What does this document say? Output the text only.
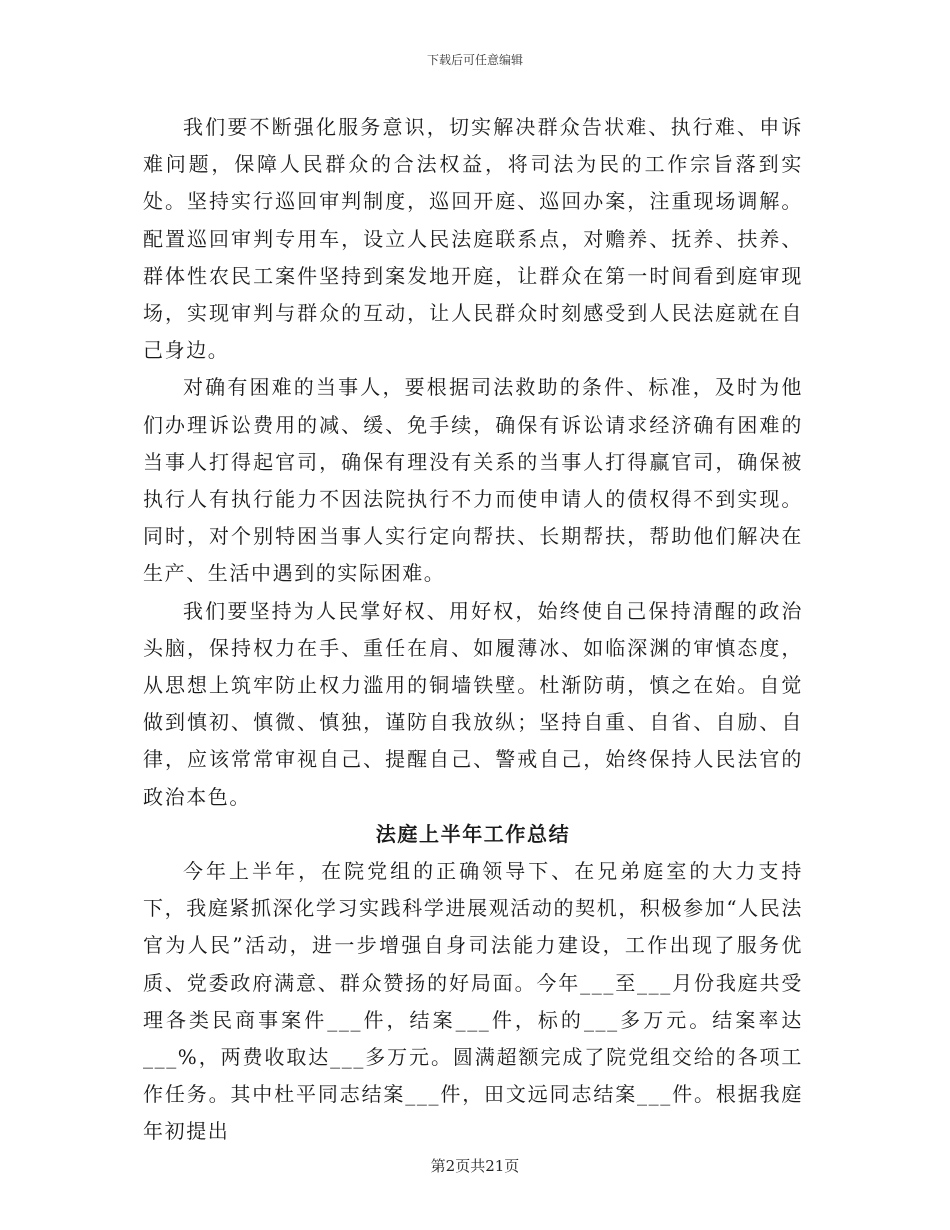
下载后可任意编辑

我们要不断强化服务意识，切实解决群众告状难、执行难、申诉难问题，保障人民群众的合法权益，将司法为民的工作宗旨落到实处。坚持实行巡回审判制度，巡回开庭、巡回办案，注重现场调解。配置巡回审判专用车，设立人民法庭联系点，对赡养、抚养、扶养、群体性农民工案件坚持到案发地开庭，让群众在第一时间看到庭审现场，实现审判与群众的互动，让人民群众时刻感受到人民法庭就在自己身边。

对确有困难的当事人，要根据司法救助的条件、标准，及时为他们办理诉讼费用的减、缓、免手续，确保有诉讼请求经济确有困难的当事人打得起官司，确保有理没有关系的当事人打得赢官司，确保被执行人有执行能力不因法院执行不力而使申请人的债权得不到实现。同时，对个别特困当事人实行定向帮扶、长期帮扶，帮助他们解决在生产、生活中遇到的实际困难。

我们要坚持为人民掌好权、用好权，始终使自己保持清醒的政治头脑，保持权力在手、重任在肩、如履薄冰、如临深渊的审慎态度，从思想上筑牢防止权力滥用的铜墙铁壁。杜渐防萌，慎之在始。自觉做到慎初、慎微、慎独，谨防自我放纵；坚持自重、自省、自励、自律，应该常常审视自己、提醒自己、警戒自己，始终保持人民法官的政治本色。

法庭上半年工作总结

今年上半年，在院党组的正确领导下、在兄弟庭室的大力支持下，我庭紧抓深化学习实践科学进展观活动的契机，积极参加“人民法官为人民”活动，进一步增强自身司法能力建设，工作出现了服务优质、党委政府满意、群众赞扬的好局面。今年___至___月份我庭共受理各类民商事案件___件，结案___件，标的___多万元。结案率达___%，两费收取达___多万元。圆满超额完成了院党组交给的各项工作任务。其中杜平同志结案___件，田文远同志结案___件。根据我庭年初提出

第2页共21页
